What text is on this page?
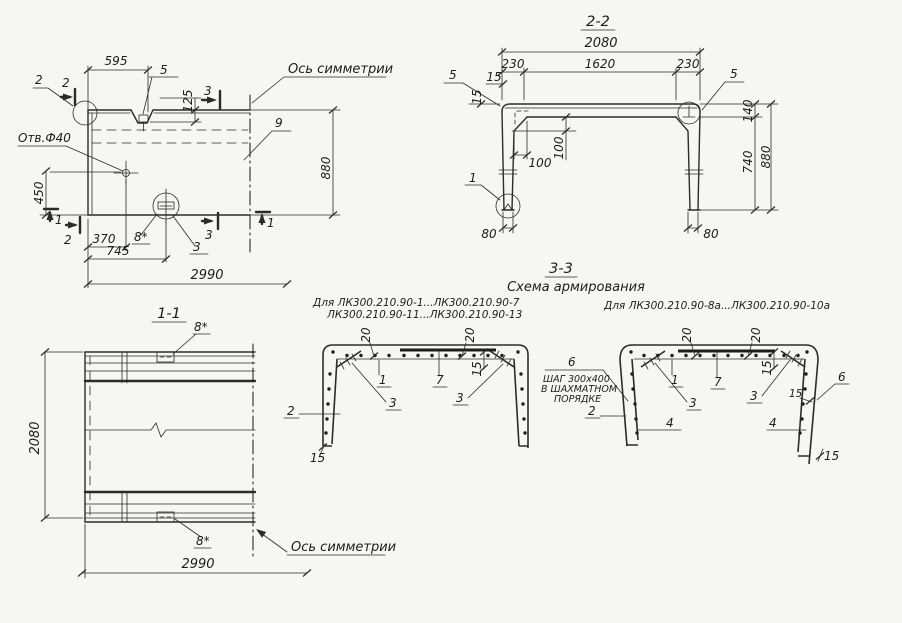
595
125
5
3
Ось симметрии
9
880
Отв.Ф40
450
1	1
2
2
2 370 8*
3
3
745
2990
2-2
2080
230	1620	230
15
15
5	5
100
100
1
80	80
140
740 880
3-3
Схема армирования
Для ЛК300.210.90-1...ЛК300.210.90-7
ЛК300.210.90-11...ЛК300.210.90-13
Для ЛК300.210.90-8а...ЛК300.210.90-10а
20	20
15
1	7
3	3
2
15
6
ШАГ 300х400
В ШАХМАТНОМ
ПОРЯДКЕ
2
20	20
15
1	7
3	3
4	4
15
6
15
1-1
8*
8*	Ось симметрии
2080
2990
